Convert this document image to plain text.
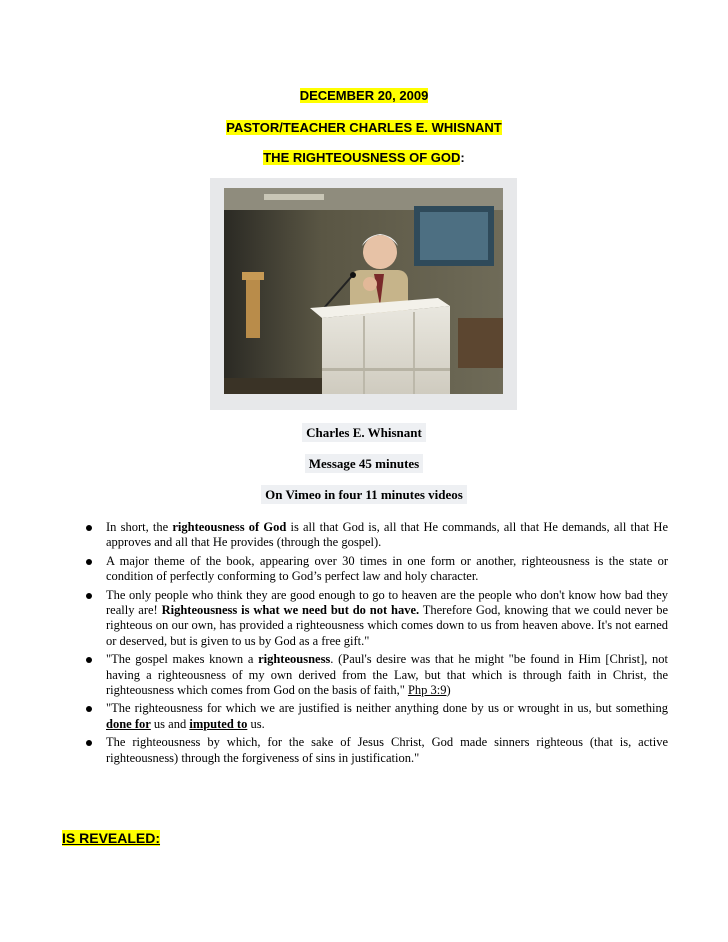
DECEMBER 20, 2009
PASTOR/TEACHER CHARLES E. WHISNANT
THE RIGHTEOUSNESS OF GOD:
Charles E. Whisnant
Message 45 minutes
On Vimeo in four 11 minutes videos
In short, the righteousness of God is all that God is, all that He commands, all that He demands, all that He approves and all that He provides (through the gospel).
A major theme of the book, appearing over 30 times in one form or another, righteousness is the state or condition of perfectly conforming to God’s perfect law and holy character.
The only people who think they are good enough to go to heaven are the people who don't know how bad they really are! Righteousness is what we need but do not have. Therefore God, knowing that we could never be righteous on our own, has provided a righteousness which comes down to us from heaven above. It's not earned or deserved, but is given to us by God as a free gift."
"The gospel makes known a righteousness. (Paul's desire was that he might "be found in Him [Christ], not having a righteousness of my own derived from the Law, but that which is through faith in Christ, the righteousness which comes from God on the basis of faith," Php 3:9)
"The righteousness for which we are justified is neither anything done by us or wrought in us, but something done for us and imputed to us.
The righteousness by which, for the sake of Jesus Christ, God made sinners righteous (that is, active righteousness) through the forgiveness of sins in justification."
IS REVEALED:
